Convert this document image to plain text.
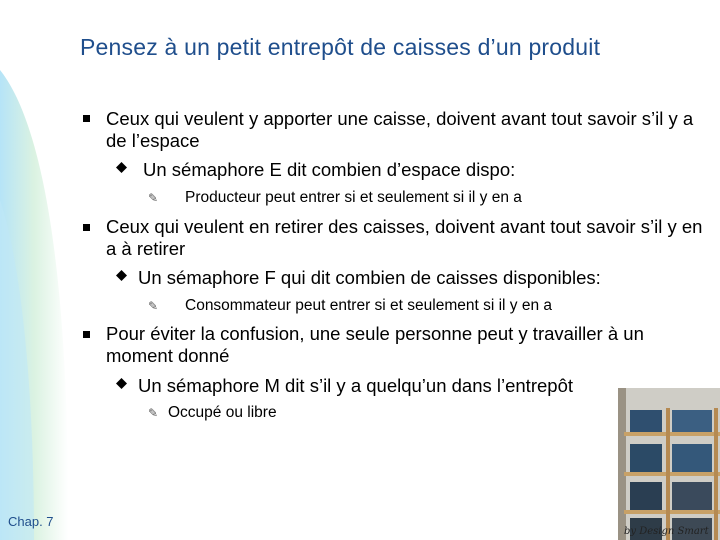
Pensez à un petit entrepôt de caisses d’un produit
Ceux qui veulent y apporter une caisse, doivent avant tout savoir s’il y a de l’espace
Un sémaphore E dit combien d’espace dispo:
✎ Producteur peut entrer si et seulement si il y en a
Ceux qui veulent en retirer des caisses, doivent avant tout savoir s’il y en a à retirer
Un sémaphore F qui dit combien de caisses disponibles:
✎ Consommateur peut entrer si et seulement si il y en a
Pour éviter la confusion, une seule personne peut y travailler à un moment donné
Un sémaphore M dit s’il y a quelqu’un dans l’entrepôt
✎ Occupé ou libre
by Design Smart
Chap. 7
